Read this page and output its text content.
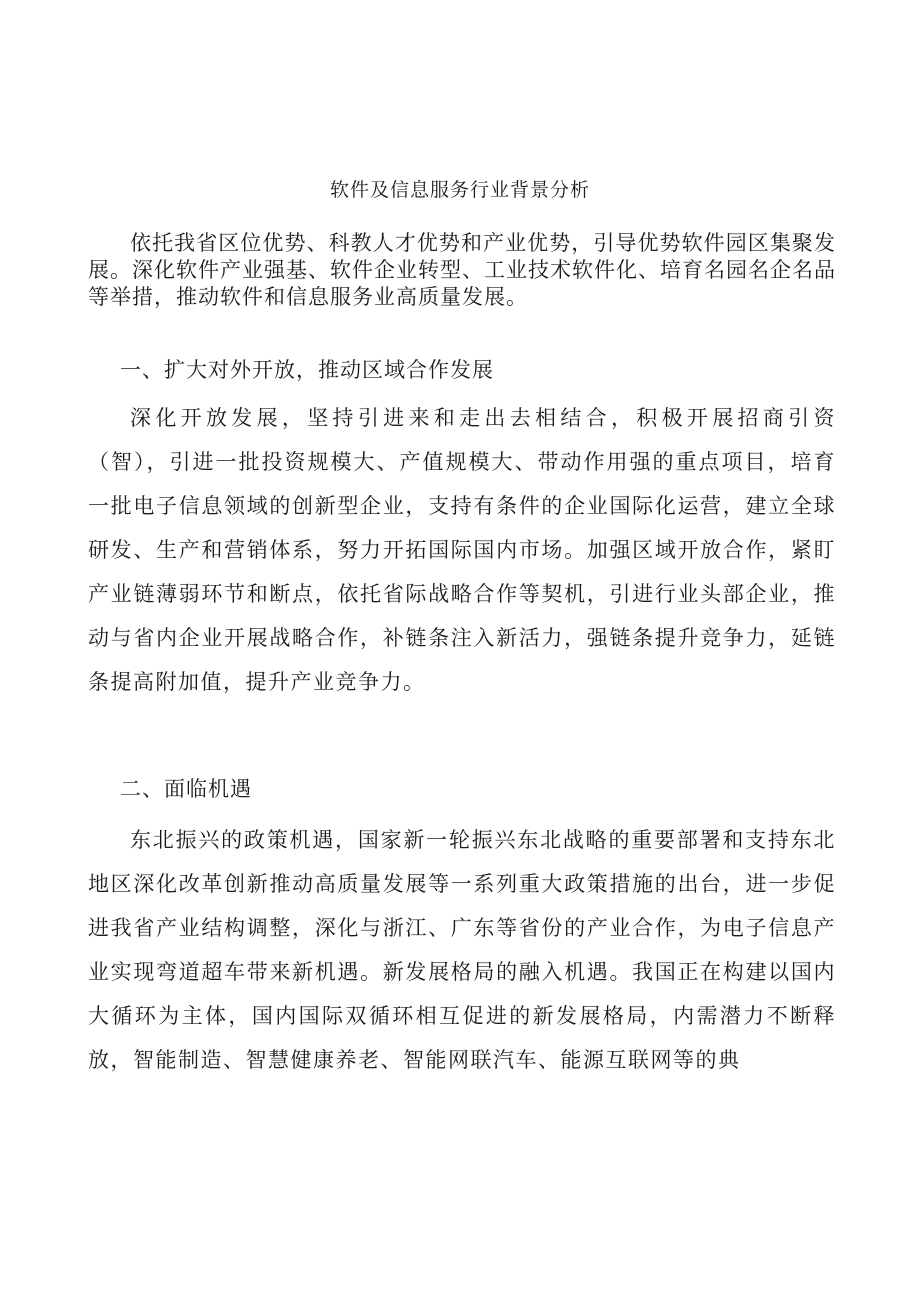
软件及信息服务行业背景分析

依托我省区位优势、科教人才优势和产业优势，引导优势软件园区集聚发展。深化软件产业强基、软件企业转型、工业技术软件化、培育名园名企名品等举措，推动软件和信息服务业高质量发展。

一、扩大对外开放，推动区域合作发展

深化开放发展，坚持引进来和走出去相结合，积极开展招商引资（智），引进一批投资规模大、产值规模大、带动作用强的重点项目，培育一批电子信息领域的创新型企业，支持有条件的企业国际化运营，建立全球研发、生产和营销体系，努力开拓国际国内市场。加强区域开放合作，紧盯产业链薄弱环节和断点，依托省际战略合作等契机，引进行业头部企业，推动与省内企业开展战略合作，补链条注入新活力，强链条提升竞争力，延链条提高附加值，提升产业竞争力。

二、面临机遇

东北振兴的政策机遇，国家新一轮振兴东北战略的重要部署和支持东北地区深化改革创新推动高质量发展等一系列重大政策措施的出台，进一步促进我省产业结构调整，深化与浙江、广东等省份的产业合作，为电子信息产业实现弯道超车带来新机遇。新发展格局的融入机遇。我国正在构建以国内大循环为主体，国内国际双循环相互促进的新发展格局，内需潜力不断释放，智能制造、智慧健康养老、智能网联汽车、能源互联网等的典
